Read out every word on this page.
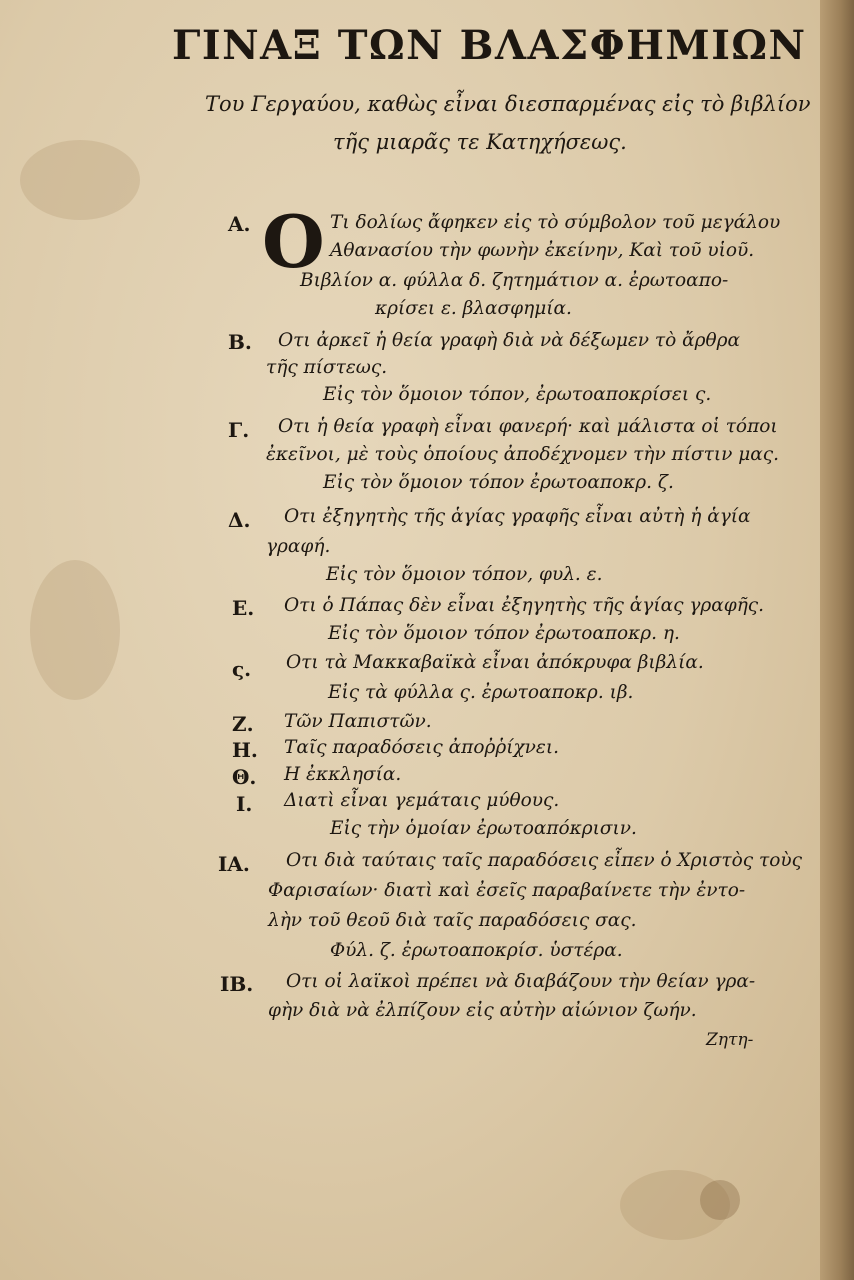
ΓΙΝΑΞ ΤΩΝ ΒΛΑΣΦΗΜΙΩΝ
Του Γεργαύου, καθὼς εἶναι διεσπαρμένας εἰς τὸ βιβλίον
τῆς μιαρᾶς τε Κατηχήσεως.
Α. O Τι δολίως ἄφηκεν εἰς τὸ σύμβολον τοῦ μεγάλου
Αθανασίου τὴν φωνὴν ἐκείνην, Καὶ τοῦ υἱοῦ.
Βιβλίον α. φύλλα δ. ζητημάτιον α. ἐρωτοαπο-
κρίσει ε. βλασφημία.
Β. Οτι ἀρκεῖ ἡ θεία γραφὴ διὰ νὰ δέξωμεν τὸ ἄρθρα
τῆς πίστεως.
Εἰς τὸν ὅμοιον τόπον, ἐρωτοαποκρίσει ς.
Γ. Οτι ἡ θεία γραφὴ εἶναι φανερή· καὶ μάλιστα οἱ τόποι
ἐκεῖνοι, μὲ τοὺς ὁποίους ἀποδέχνομεν τὴν πίστιν μας.
Εἰς τὸν ὅμοιον τόπον ἐρωτοαποκρ. ζ.
Δ. Οτι ἐξηγητὴς τῆς ἁγίας γραφῆς εἶναι αὐτὴ ἡ ἁγία
γραφή.
Εἰς τὸν ὅμοιον τόπον, φυλ. ε.
Ε. Οτι ὁ Πάπας δὲν εἶναι ἐξηγητὴς τῆς ἁγίας γραφῆς.
Εἰς τὸν ὅμοιον τόπον ἐρωτοαποκρ. η.
ς. Οτι τὰ Μακκαβαϊκὰ εἶναι ἀπόκρυφα βιβλία.
Εἰς τὰ φύλλα ς. ἐρωτοαποκρ. ιβ.
Ζ. Τῶν Παπιστῶν.
Η. Ταῖς παραδόσεις ἀποῤῥίχνει.
Θ. Η ἐκκλησία.
Ι. Διατὶ εἶναι γεμάταις μύθους.
Εἰς τὴν ὁμοίαν ἐρωτοαπόκρισιν.
ΙΑ. Οτι διὰ ταύταις ταῖς παραδόσεις εἶπεν ὁ Χριστὸς τοὺς
Φαρισαίων· διατὶ καὶ ἐσεῖς παραβαίνετε τὴν ἐντο-
λὴν τοῦ θεοῦ διὰ ταῖς παραδόσεις σας.
Φύλ. ζ. ἐρωτοαποκρίσ. ὑστέρα.
ΙΒ. Οτι οἱ λαϊκοὶ πρέπει νὰ διαβάζουν τὴν θείαν γρα-
φὴν διὰ νὰ ἐλπίζουν εἰς αὐτὴν αἰώνιον ζωήν.
Ζητη-
